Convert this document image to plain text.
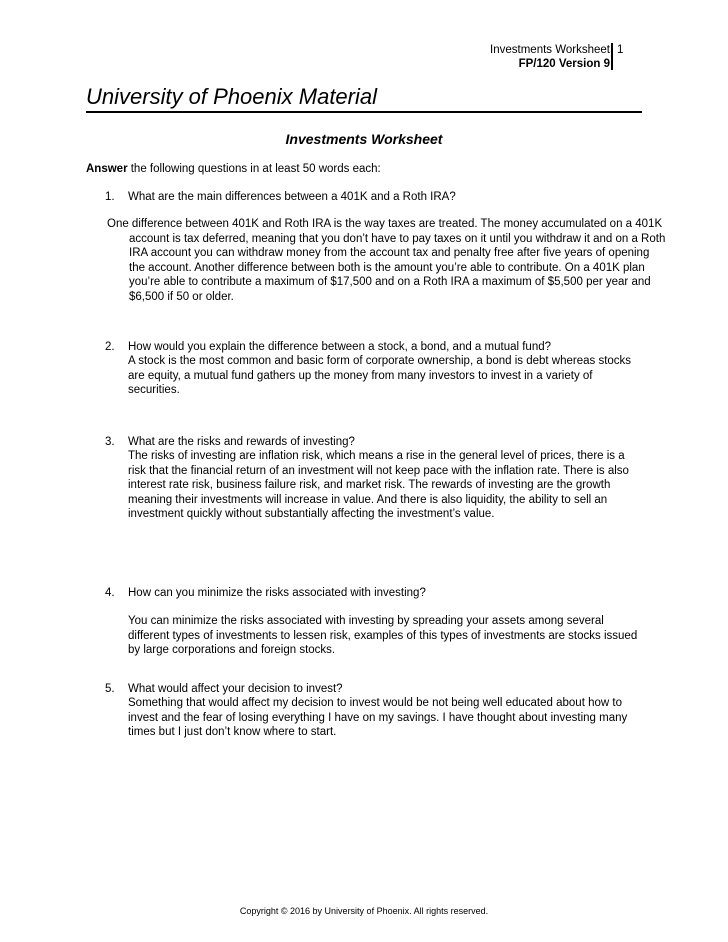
Investments Worksheet
FP/120 Version 9
1
University of Phoenix Material
Investments Worksheet
Answer the following questions in at least 50 words each:
1. What are the main differences between a 401K and a Roth IRA?
One difference between 401K and Roth IRA is the way taxes are treated. The money accumulated on a 401K account is tax deferred, meaning that you don’t have to pay taxes on it until you withdraw it and on a Roth IRA account you can withdraw money from the account tax and penalty free after five years of opening the account. Another difference between both is the amount you’re able to contribute. On a 401K plan you’re able to contribute a maximum of $17,500 and on a Roth IRA a maximum of $5,500 per year and $6,500 if 50 or older.
2. How would you explain the difference between a stock, a bond, and a mutual fund?
A stock is the most common and basic form of corporate ownership, a bond is debt whereas stocks are equity, a mutual fund gathers up the money from many investors to invest in a variety of securities.
3. What are the risks and rewards of investing?
The risks of investing are inflation risk, which means a rise in the general level of prices, there is a risk that the financial return of an investment will not keep pace with the inflation rate. There is also interest rate risk, business failure risk, and market risk. The rewards of investing are the growth meaning their investments will increase in value. And there is also liquidity, the ability to sell an investment quickly without substantially affecting the investment’s value.
4. How can you minimize the risks associated with investing?
You can minimize the risks associated with investing by spreading your assets among several different types of investments to lessen risk, examples of this types of investments are stocks issued by large corporations and foreign stocks.
5. What would affect your decision to invest?
Something that would affect my decision to invest would be not being well educated about how to invest and the fear of losing everything I have on my savings. I have thought about investing many times but I just don’t know where to start.
Copyright © 2016 by University of Phoenix. All rights reserved.
